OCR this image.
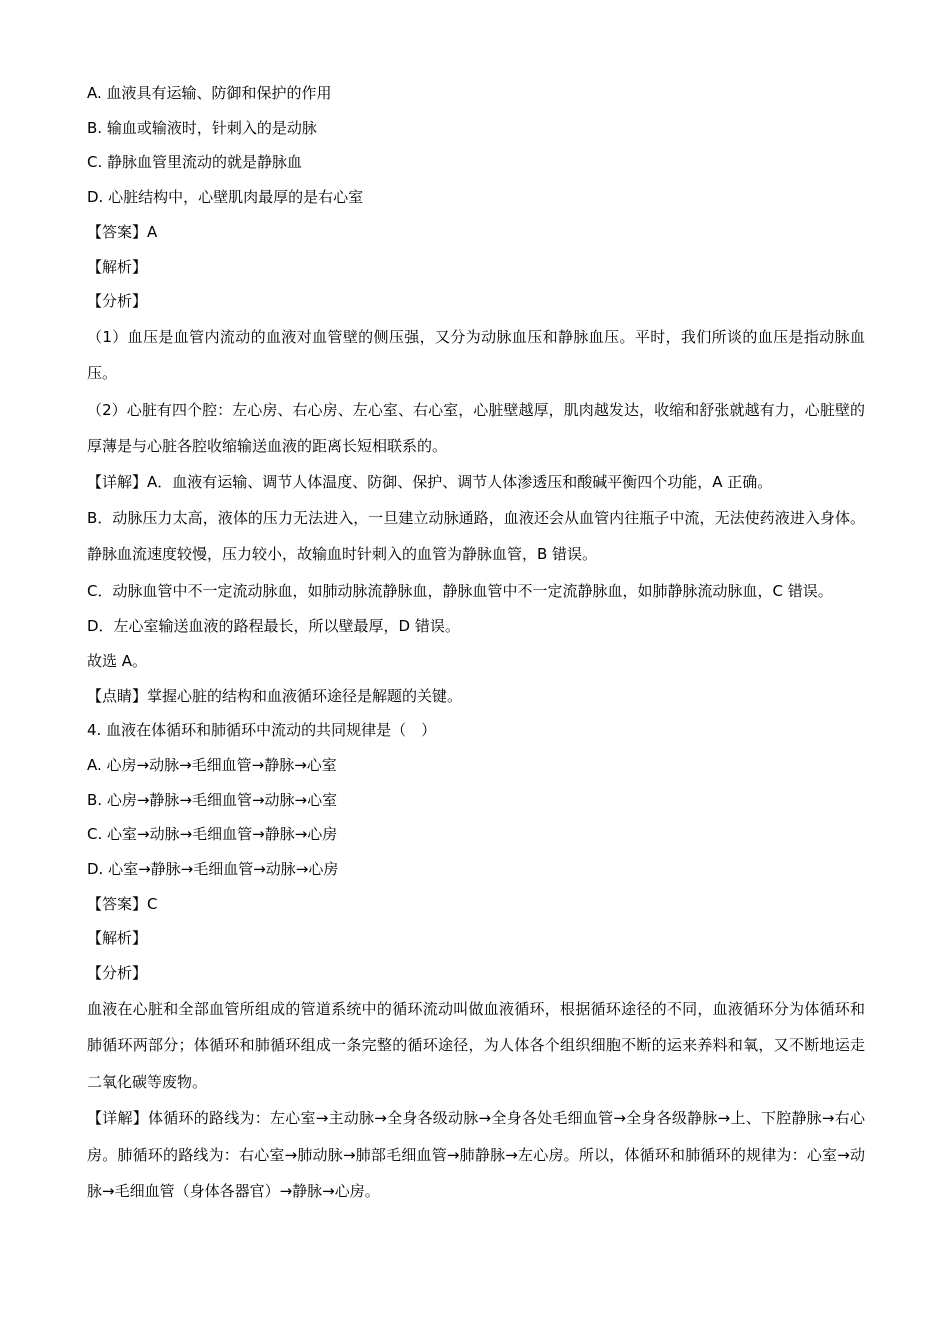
A. 血液具有运输、防御和保护的作用
B. 输血或输液时，针刺入的是动脉
C. 静脉血管里流动的就是静脉血
D. 心脏结构中，心壁肌肉最厚的是右心室
【答案】A
【解析】
【分析】
（1）血压是血管内流动的血液对血管壁的侧压强，又分为动脉血压和静脉血压。平时，我们所谈的血压是指动脉血压。
（2）心脏有四个腔：左心房、右心房、左心室、右心室，心脏壁越厚，肌肉越发达，收缩和舒张就越有力，心脏壁的厚薄是与心脏各腔收缩输送血液的距离长短相联系的。
【详解】A．血液有运输、调节人体温度、防御、保护、调节人体渗透压和酸碱平衡四个功能，A 正确。
B．动脉压力太高，液体的压力无法进入，一旦建立动脉通路，血液还会从血管内往瓶子中流，无法使药液进入身体。静脉血流速度较慢，压力较小，故输血时针刺入的血管为静脉血管，B 错误。
C．动脉血管中不一定流动脉血，如肺动脉流静脉血，静脉血管中不一定流静脉血，如肺静脉流动脉血，C 错误。
D．左心室输送血液的路程最长，所以壁最厚，D 错误。
故选 A。
【点睛】掌握心脏的结构和血液循环途径是解题的关键。
4. 血液在体循环和肺循环中流动的共同规律是（　）
A. 心房→动脉→毛细血管→静脉→心室
B. 心房→静脉→毛细血管→动脉→心室
C. 心室→动脉→毛细血管→静脉→心房
D. 心室→静脉→毛细血管→动脉→心房
【答案】C
【解析】
【分析】
血液在心脏和全部血管所组成的管道系统中的循环流动叫做血液循环，根据循环途径的不同，血液循环分为体循环和肺循环两部分；体循环和肺循环组成一条完整的循环途径，为人体各个组织细胞不断的运来养料和氧，又不断地运走二氧化碳等废物。
【详解】体循环的路线为：左心室→主动脉→全身各级动脉→全身各处毛细血管→全身各级静脉→上、下腔静脉→右心房。肺循环的路线为：右心室→肺动脉→肺部毛细血管→肺静脉→左心房。所以，体循环和肺循环的规律为：心室→动脉→毛细血管（身体各器官）→静脉→心房。
